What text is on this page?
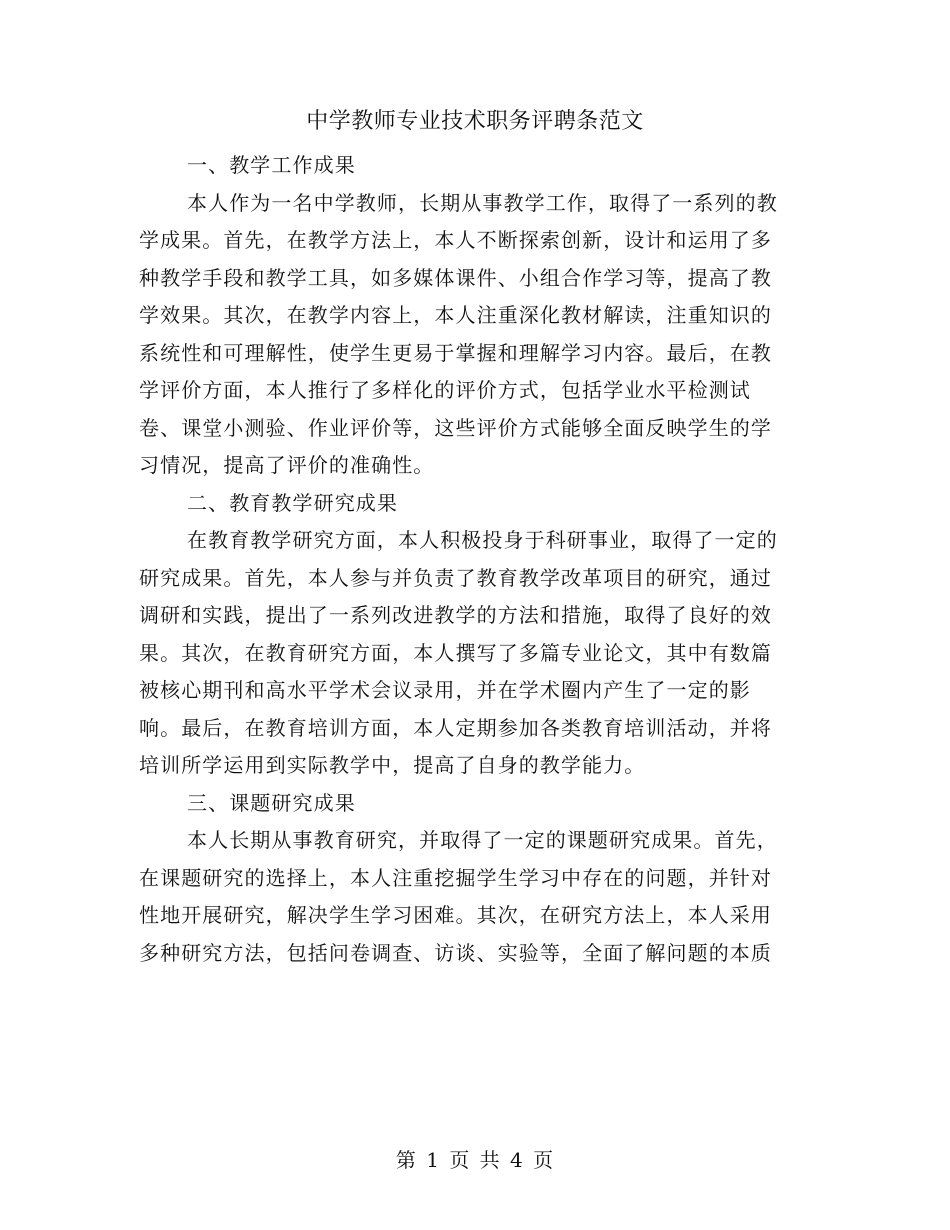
中学教师专业技术职务评聘条范文
一、教学工作成果
本人作为一名中学教师，长期从事教学工作，取得了一系列的教
学成果。首先，在教学方法上，本人不断探索创新，设计和运用了多
种教学手段和教学工具，如多媒体课件、小组合作学习等，提高了教
学效果。其次，在教学内容上，本人注重深化教材解读，注重知识的
系统性和可理解性，使学生更易于掌握和理解学习内容。最后，在教
学评价方面，本人推行了多样化的评价方式，包括学业水平检测试
卷、课堂小测验、作业评价等，这些评价方式能够全面反映学生的学
习情况，提高了评价的准确性。
二、教育教学研究成果
在教育教学研究方面，本人积极投身于科研事业，取得了一定的
研究成果。首先，本人参与并负责了教育教学改革项目的研究，通过
调研和实践，提出了一系列改进教学的方法和措施，取得了良好的效
果。其次，在教育研究方面，本人撰写了多篇专业论文，其中有数篇
被核心期刊和高水平学术会议录用，并在学术圈内产生了一定的影
响。最后，在教育培训方面，本人定期参加各类教育培训活动，并将
培训所学运用到实际教学中，提高了自身的教学能力。
三、课题研究成果
本人长期从事教育研究，并取得了一定的课题研究成果。首先，
在课题研究的选择上，本人注重挖掘学生学习中存在的问题，并针对
性地开展研究，解决学生学习困难。其次，在研究方法上，本人采用
多种研究方法，包括问卷调查、访谈、实验等，全面了解问题的本质
第 1 页 共 4 页
